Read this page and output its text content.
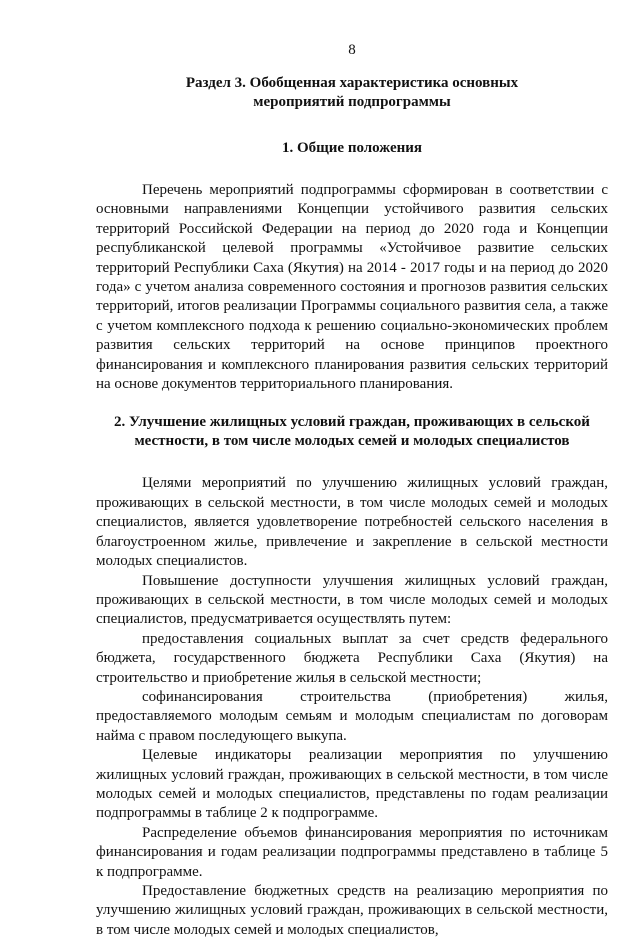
8
Раздел 3. Обобщенная характеристика основных
мероприятий подпрограммы
1. Общие положения

Перечень мероприятий подпрограммы сформирован в соответствии с основными направлениями Концепции устойчивого развития сельских территорий Российской Федерации на период до 2020 года и Концепции республиканской целевой программы «Устойчивое развитие сельских территорий Республики Саха (Якутия) на 2014 - 2017 годы и на период до 2020 года» с учетом анализа современного состояния и прогнозов развития сельских территорий, итогов реализации Программы социального развития села, а также с учетом комплексного подхода к решению социально-экономических проблем развития сельских территорий на основе принципов проектного финансирования и комплексного планирования развития сельских территорий на основе документов территориального планирования.

2. Улучшение жилищных условий граждан, проживающих в сельской
местности, в том числе молодых семей и молодых специалистов

Целями мероприятий по улучшению жилищных условий граждан, проживающих в сельской местности, в том числе молодых семей и молодых специалистов, является удовлетворение потребностей сельского населения в благоустроенном жилье, привлечение и закрепление в сельской местности молодых специалистов.

Повышение доступности улучшения жилищных условий граждан, проживающих в сельской местности, в том числе молодых семей и молодых специалистов, предусматривается осуществлять путем:

предоставления социальных выплат за счет средств федерального бюджета, государственного бюджета Республики Саха (Якутия) на строительство и приобретение жилья в сельской местности;

софинансирования строительства (приобретения) жилья, предоставляемого молодым семьям и молодым специалистам по договорам найма с правом последующего выкупа.

Целевые индикаторы реализации мероприятия по улучшению жилищных условий граждан, проживающих в сельской местности, в том числе молодых семей и молодых специалистов, представлены по годам реализации подпрограммы в таблице 2 к подпрограмме.

Распределение объемов финансирования мероприятия по источникам финансирования и годам реализации подпрограммы представлено в таблице 5 к подпрограмме.

Предоставление бюджетных средств на реализацию мероприятия по улучшению жилищных условий граждан, проживающих в сельской местности, в том числе молодых семей и молодых специалистов,
